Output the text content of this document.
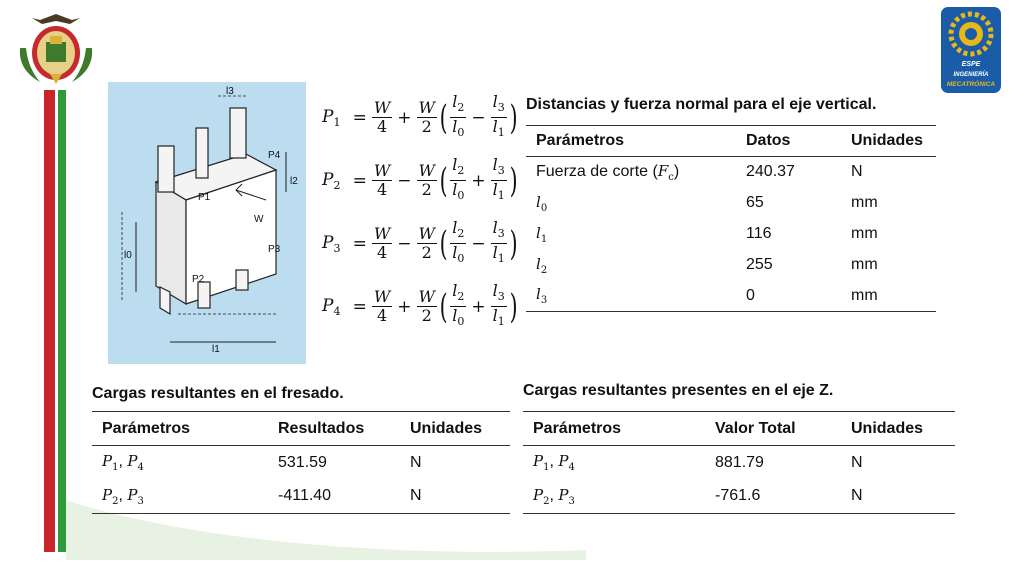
ESPE
INGENIERÍA
MECATRÓNICA
l3
P4
l2
P1
W
P3
l0
P2
l1
$P_1 = \frac{W}{4} + \frac{W}{2}$ ( $\frac{l_2}{l_0} - \frac{l_3}{l_1}$ )
$P_2 = \frac{W}{4} - \frac{W}{2}$ ( $\frac{l_2}{l_0} + \frac{l_3}{l_1}$ )
$P_3 = \frac{W}{4} - \frac{W}{2}$ ( $\frac{l_2}{l_0} - \frac{l_3}{l_1}$ )
$P_4 = \frac{W}{4} + \frac{W}{2}$ ( $\frac{l_2}{l_0} + \frac{l_3}{l_1}$ )
Distancias y fuerza normal para el eje vertical.
Parámetros	Datos	Unidades
Fuerza de corte $(F_c)$	240.37	N
$l_0$	65	mm
$l_1$	116	mm
$l_2$	255	mm
$l_3$	0	mm
Cargas resultantes en el fresado.
Parámetros	Resultados	Unidades
$P_1$, $P_4$	531.59	N
$P_2$, $P_3$	-411.40	N
Cargas resultantes presentes en el eje Z.
Parámetros	Valor Total	Unidades
$P_1$, $P_4$	881.79	N
$P_2$, $P_3$	-761.6	N
